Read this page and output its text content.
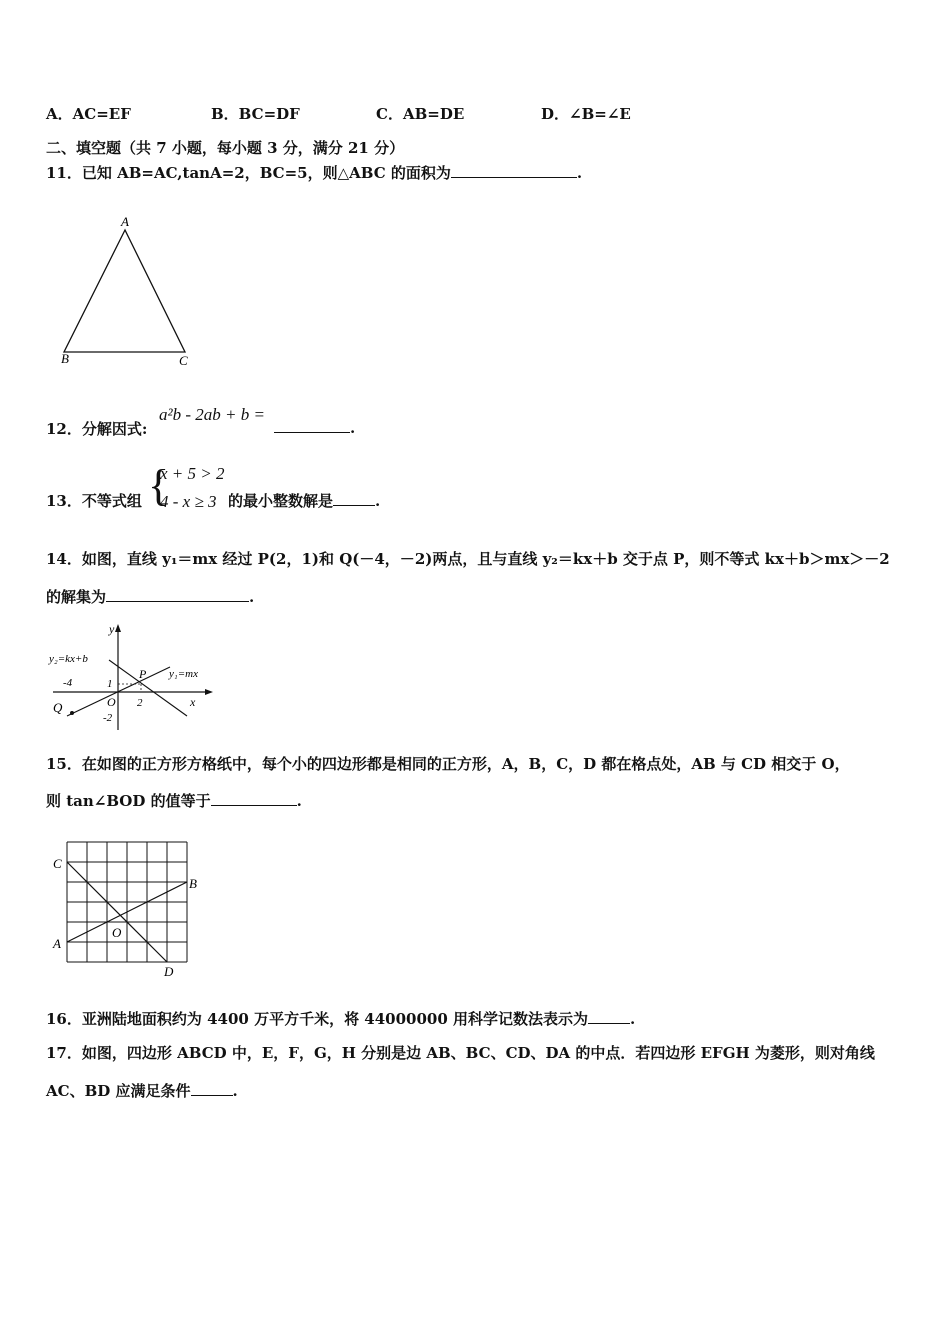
A．AC=EF	B．BC=DF	C．AB=DE	D．∠B=∠E
二、填空题（共 7 小题，每小题 3 分，满分 21 分）
11．已知 AB=AC,tanA=2，BC=5，则△ABC 的面积为	.
A
B	C
12．分解因式:
a²b - 2ab + b =
.
13．不等式组 {
x + 5 > 2
4 - x ≥ 3 的最小整数解是	.
14．如图，直线 y₁＝mx 经过 P(2，1)和 Q(－4，－2)两点，且与直线 y₂＝kx＋b 交于点 P，则不等式 kx＋b＞mx＞－2
的解集为	.
y
x
y₂=kx+b
y₁=mx
P
Q	O
-4	1
2
-2
15．在如图的正方形方格纸中，每个小的四边形都是相同的正方形，A，B，C，D 都在格点处，AB 与 CD 相交于 O，
则 tan∠BOD 的值等于	.
C
A
B
D
O
16．亚洲陆地面积约为 4400 万平方千米，将 44000000 用科学记数法表示为	.
17．如图，四边形 ABCD 中，E，F，G，H 分别是边 AB、BC、CD、DA 的中点．若四边形 EFGH 为菱形，则对角线
AC、BD 应满足条件	.
